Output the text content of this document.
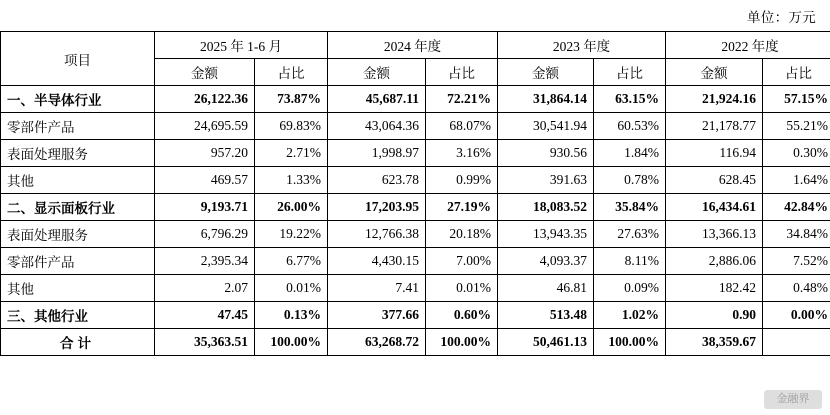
单位：万元
项目	2025 年 1-6 月		2024 年度		2023 年度		2022 年度	
	金额	占比	金额	占比	金额	占比	金额	占比
一、半导体行业	26,122.36	73.87%	45,687.11	72.21%	31,864.14	63.15%	21,924.16	57.15%
零部件产品	24,695.59	69.83%	43,064.36	68.07%	30,541.94	60.53%	21,178.77	55.21%
表面处理服务	957.20	2.71%	1,998.97	3.16%	930.56	1.84%	116.94	0.30%
其他	469.57	1.33%	623.78	0.99%	391.63	0.78%	628.45	1.64%
二、显示面板行业	9,193.71	26.00%	17,203.95	27.19%	18,083.52	35.84%	16,434.61	42.84%
表面处理服务	6,796.29	19.22%	12,766.38	20.18%	13,943.35	27.63%	13,366.13	34.84%
零部件产品	2,395.34	6.77%	4,430.15	7.00%	4,093.37	8.11%	2,886.06	7.52%
其他	2.07	0.01%	7.41	0.01%	46.81	0.09%	182.42	0.48%
三、其他行业	47.45	0.13%	377.66	0.60%	513.48	1.02%	0.90	0.00%
合计	35,363.51	100.00%	63,268.72	100.00%	50,461.13	100.00%	38,359.67	
金融界
